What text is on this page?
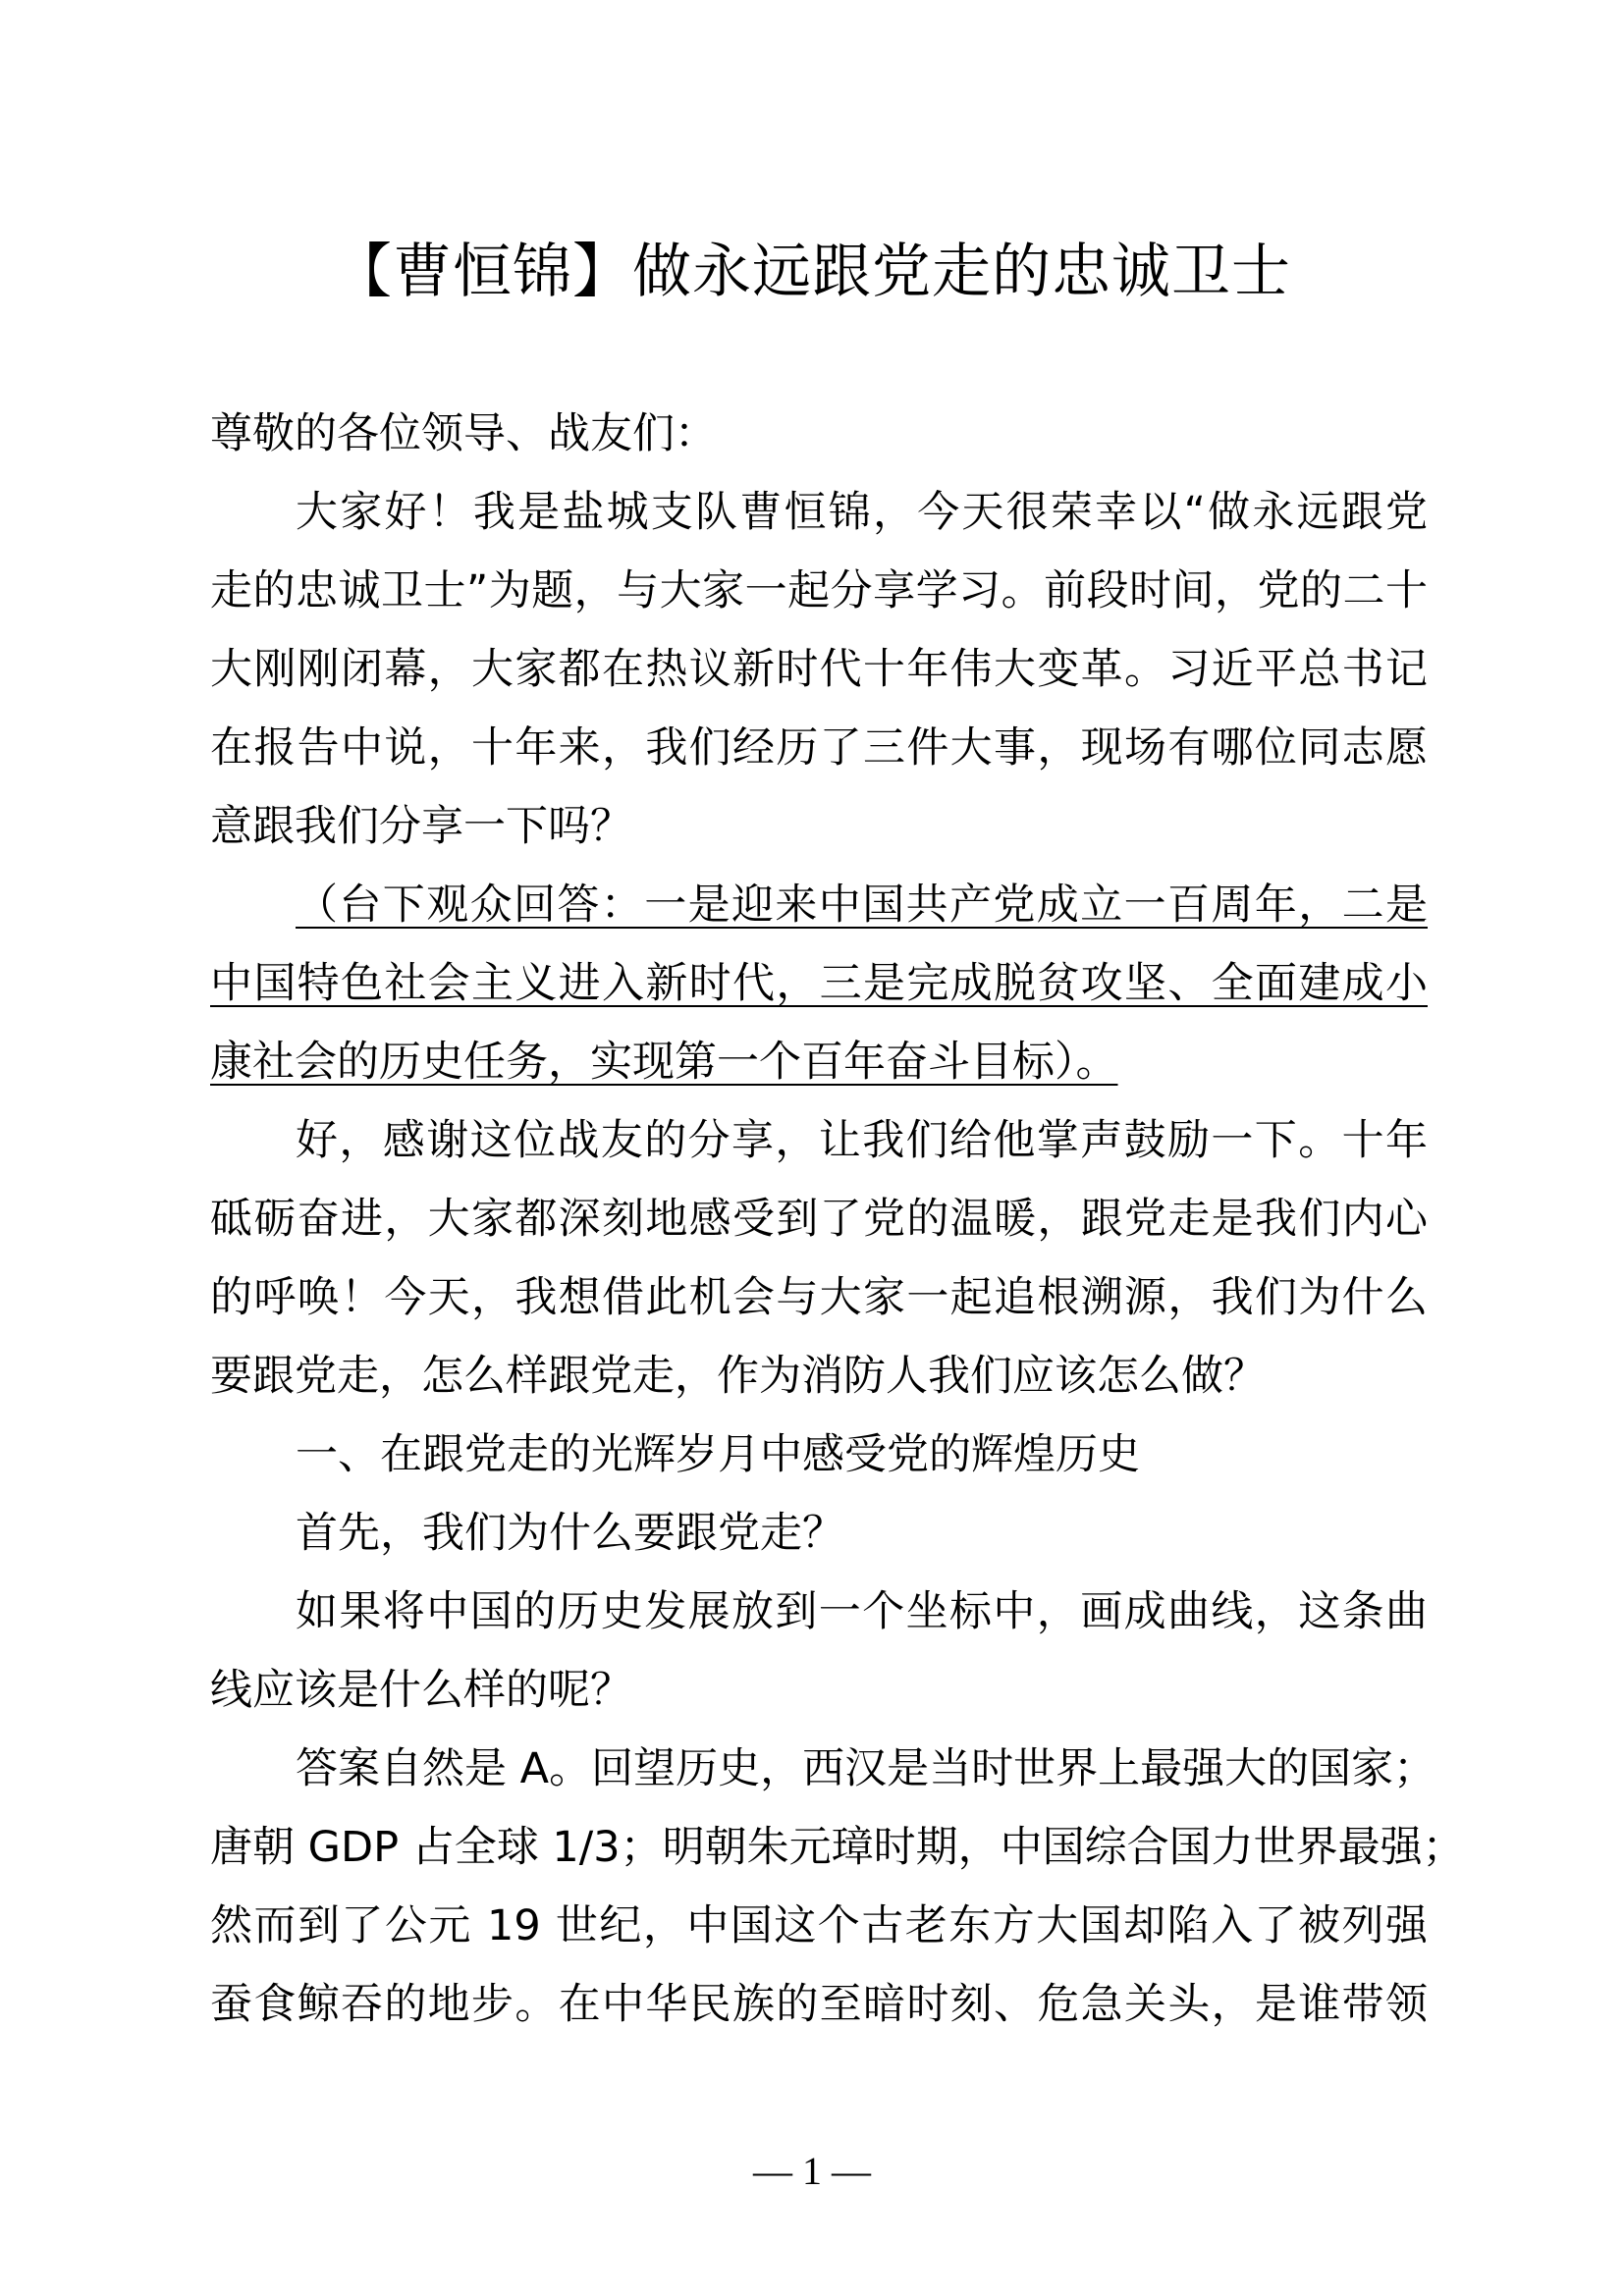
【曹恒锦】做永远跟党走的忠诚卫士
尊敬的各位领导、战友们：
大家好！我是盐城支队曹恒锦，今天很荣幸以“做永远跟党
走的忠诚卫士”为题，与大家一起分享学习。前段时间，党的二十
大刚刚闭幕，大家都在热议新时代十年伟大变革。习近平总书记
在报告中说，十年来，我们经历了三件大事，现场有哪位同志愿
意跟我们分享一下吗？
（台下观众回答：一是迎来中国共产党成立一百周年，二是
中国特色社会主义进入新时代，三是完成脱贫攻坚、全面建成小
康社会的历史任务，实现第一个百年奋斗目标）。
好，感谢这位战友的分享，让我们给他掌声鼓励一下。十年
砥砺奋进，大家都深刻地感受到了党的温暖，跟党走是我们内心
的呼唤！今天，我想借此机会与大家一起追根溯源，我们为什么
要跟党走，怎么样跟党走，作为消防人我们应该怎么做？
一、在跟党走的光辉岁月中感受党的辉煌历史
首先，我们为什么要跟党走？
如果将中国的历史发展放到一个坐标中，画成曲线，这条曲
线应该是什么样的呢？
答案自然是 A。回望历史，西汉是当时世界上最强大的国家；
唐朝 GDP 占全球 1/3；明朝朱元璋时期，中国综合国力世界最强；
然而到了公元 19 世纪，中国这个古老东方大国却陷入了被列强
蚕食鲸吞的地步。在中华民族的至暗时刻、危急关头，是谁带领
— 1 —
